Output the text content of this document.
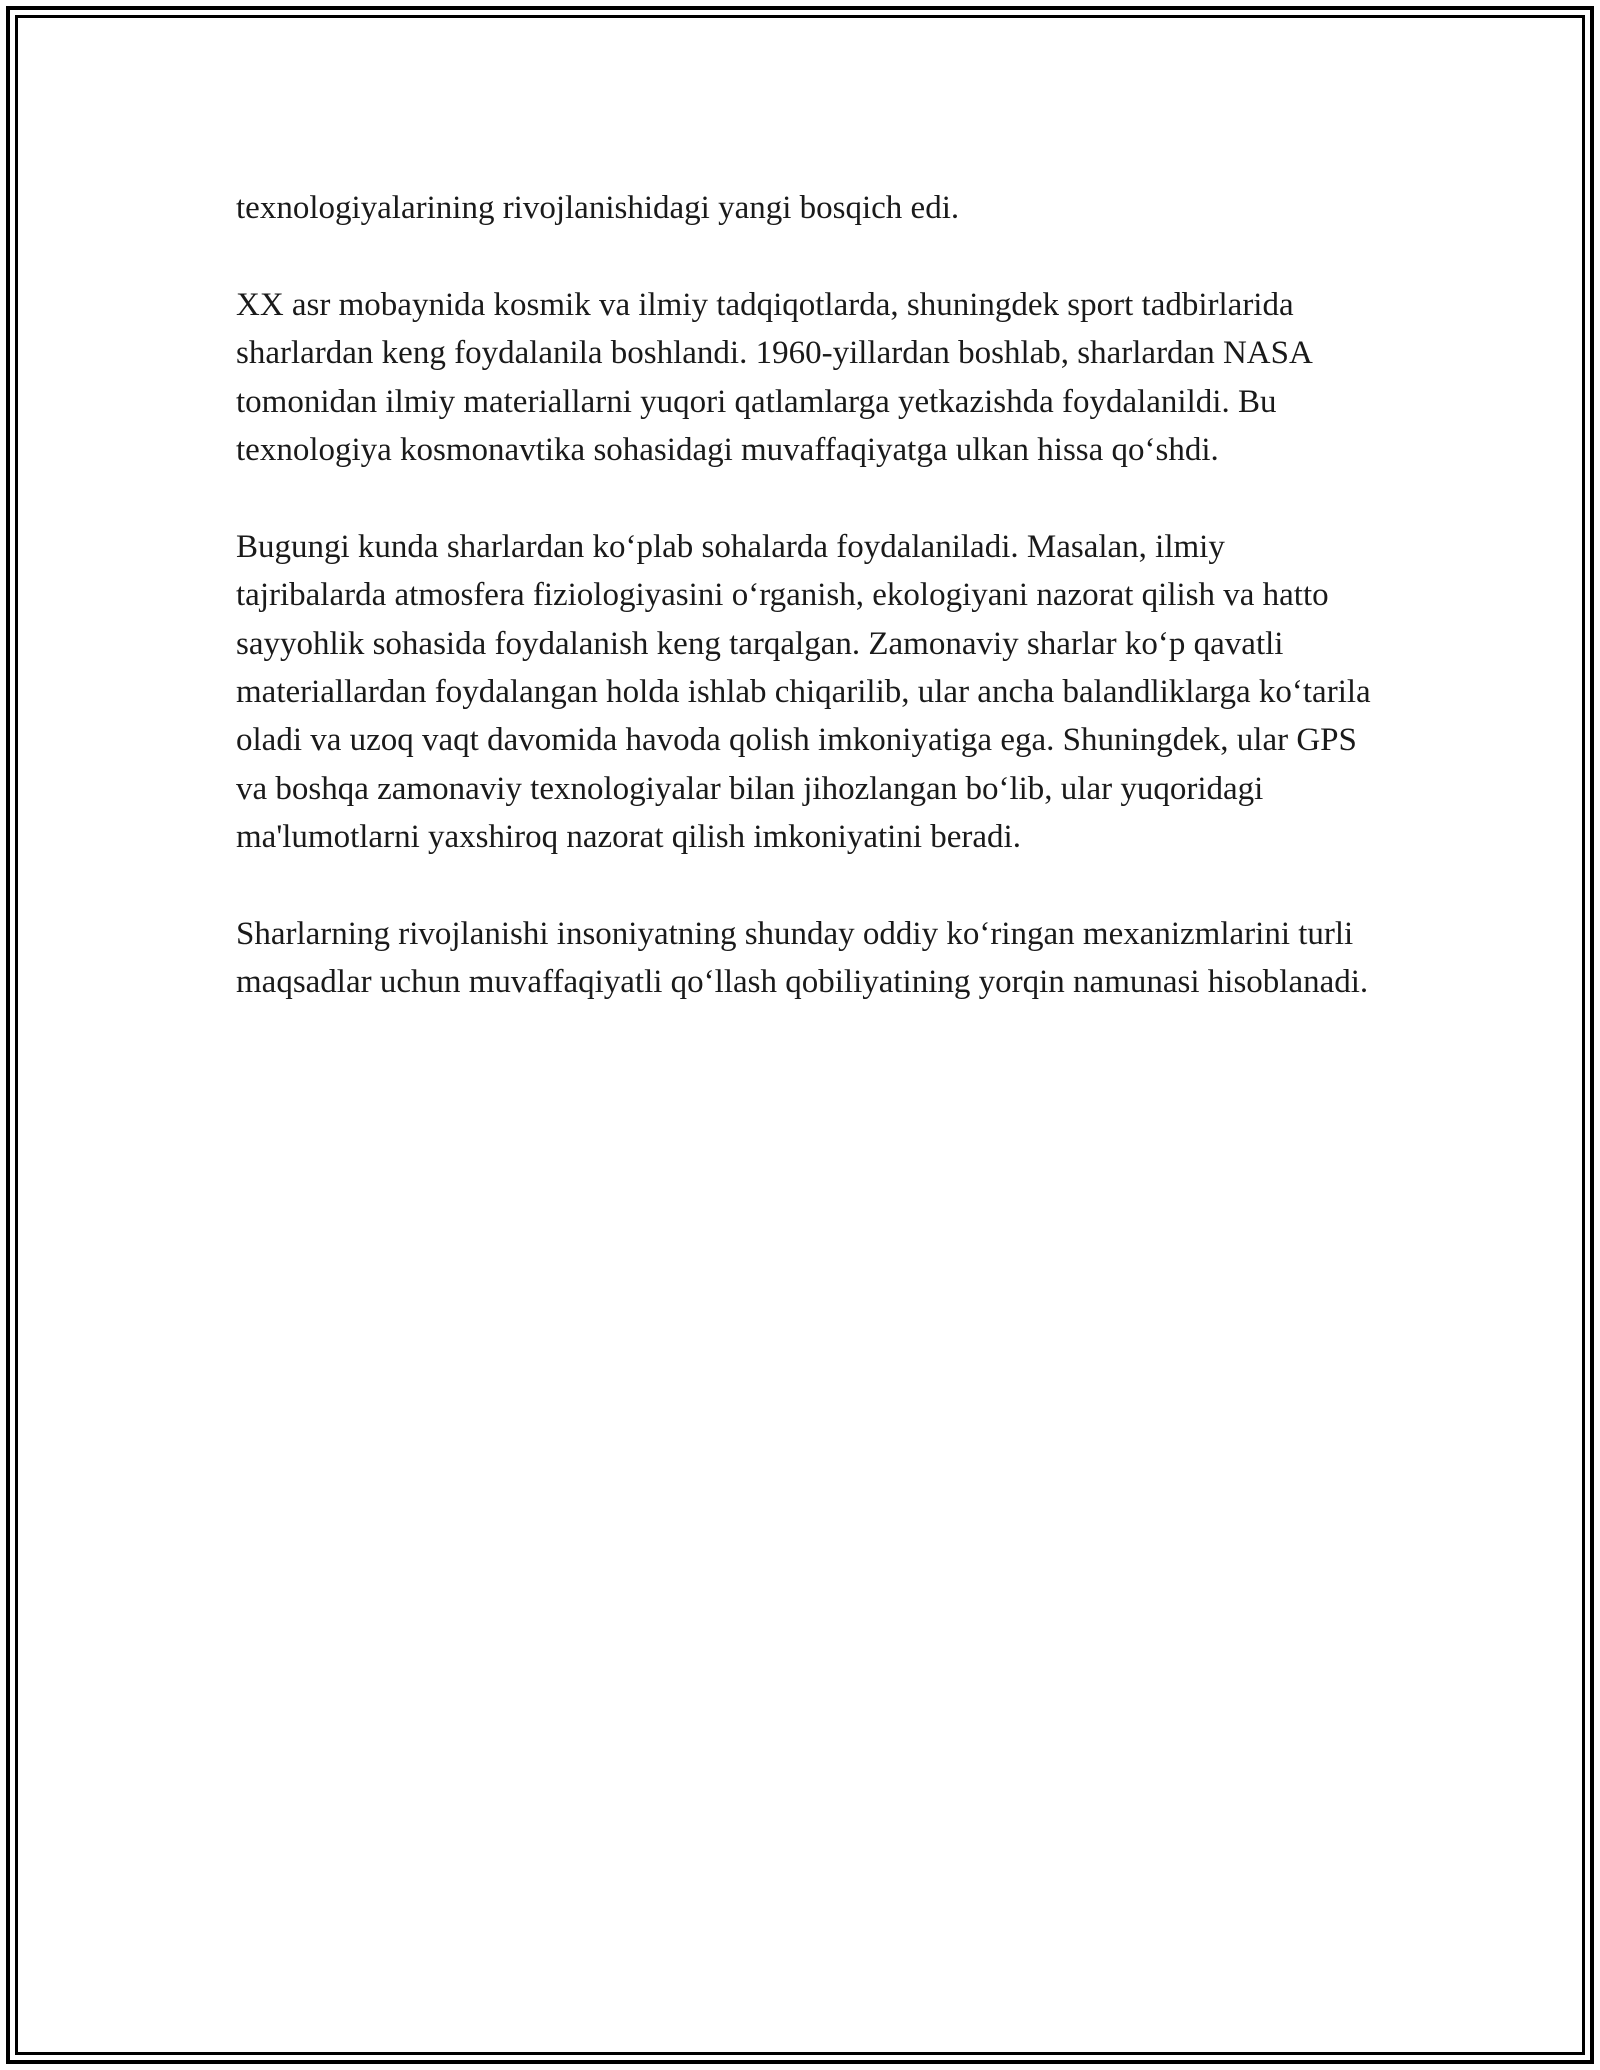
texnologiyalarining rivojlanishidagi yangi bosqich edi.

XX asr mobaynida kosmik va ilmiy tadqiqotlarda, shuningdek sport tadbirlarida sharlardan keng foydalanila boshlandi. 1960-yillardan boshlab, sharlardan NASA tomonidan ilmiy materiallarni yuqori qatlamlarga yetkazishda foydalanildi. Bu texnologiya kosmonavtika sohasidagi muvaffaqiyatga ulkan hissa qo‘shdi.

Bugungi kunda sharlardan ko‘plab sohalarda foydalaniladi. Masalan, ilmiy tajribalarda atmosfera fiziologiyasini o‘rganish, ekologiyani nazorat qilish va hatto sayyohlik sohasida foydalanish keng tarqalgan. Zamonaviy sharlar ko‘p qavatli materiallardan foydalangan holda ishlab chiqarilib, ular ancha balandliklarga ko‘tarila oladi va uzoq vaqt davomida havoda qolish imkoniyatiga ega. Shuningdek, ular GPS va boshqa zamonaviy texnologiyalar bilan jihozlangan bo‘lib, ular yuqoridagi ma'lumotlarni yaxshiroq nazorat qilish imkoniyatini beradi.

Sharlarning rivojlanishi insoniyatning shunday oddiy ko‘ringan mexanizmlarini turli maqsadlar uchun muvaffaqiyatli qo‘llash qobiliyatining yorqin namunasi hisoblanadi.
